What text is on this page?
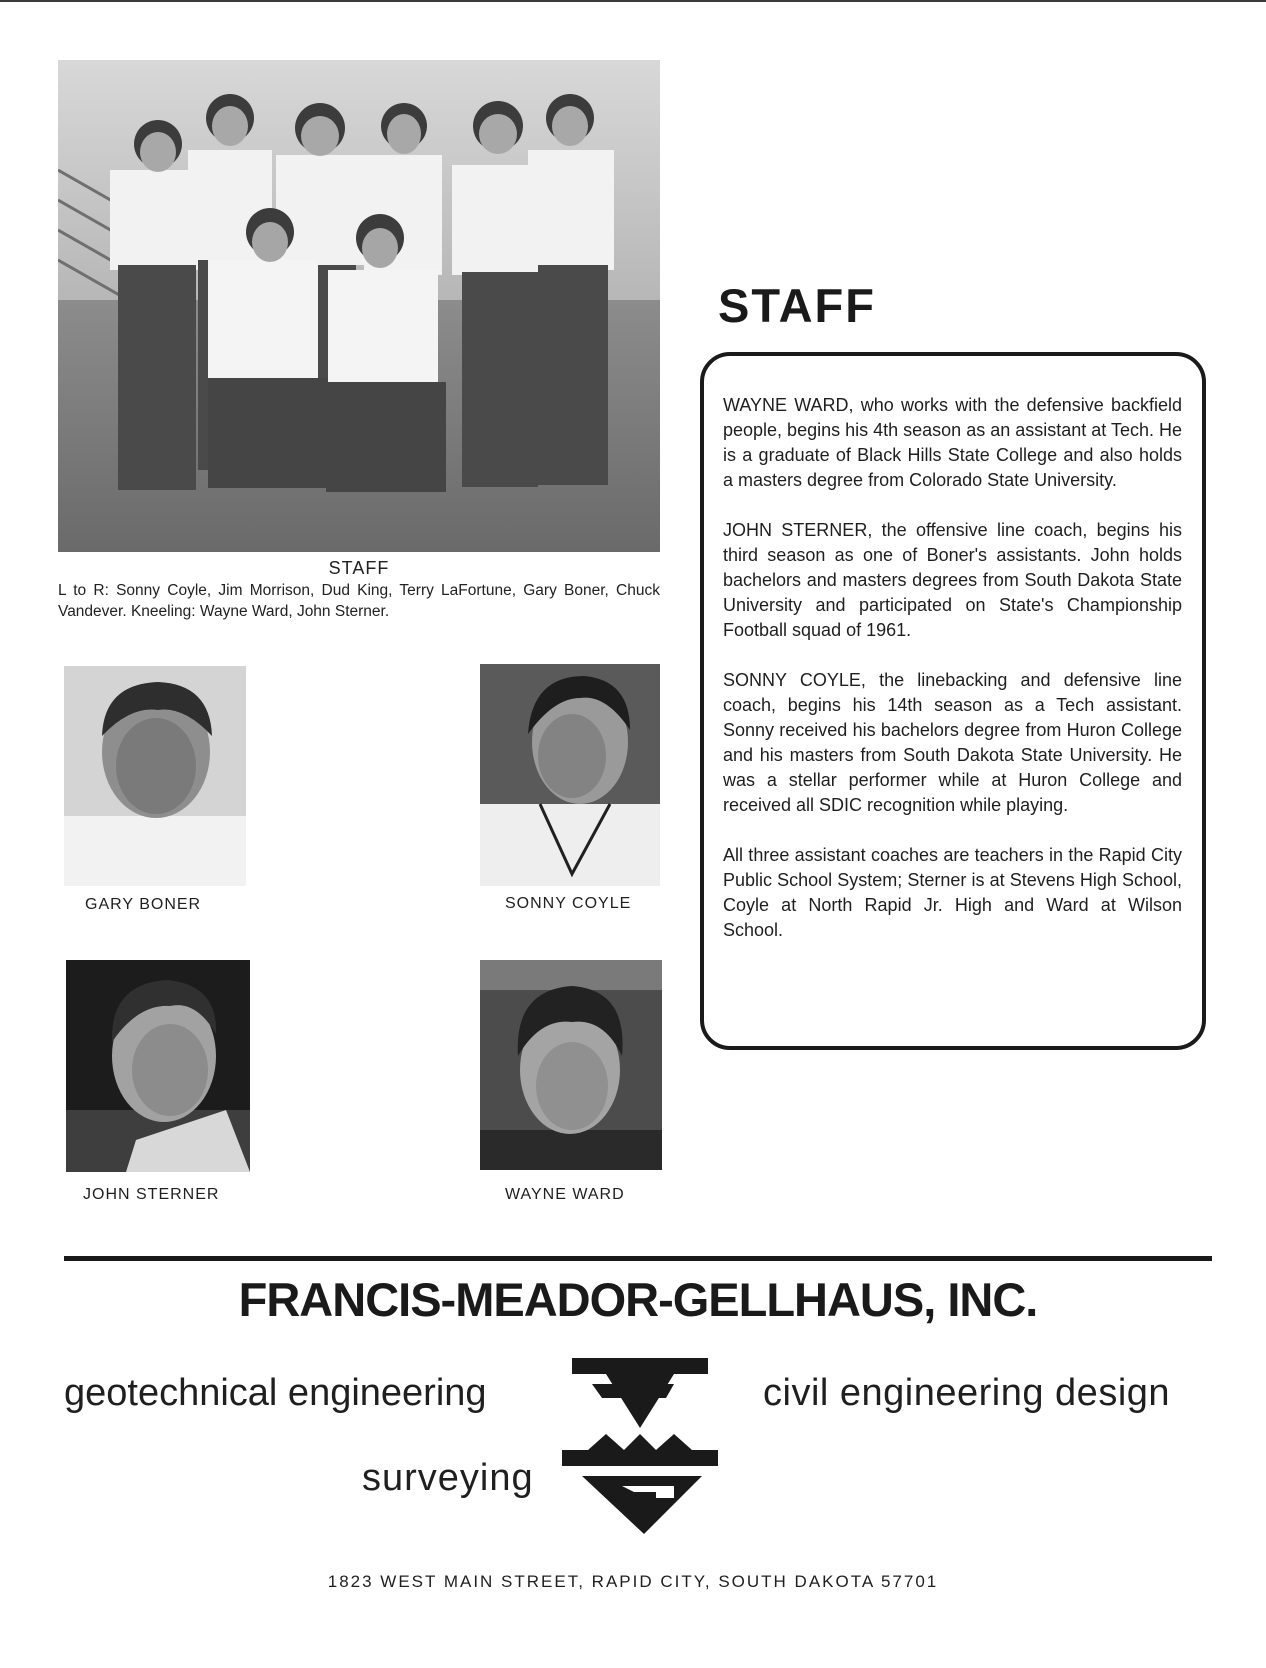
STAFF
L to R: Sonny Coyle, Jim Morrison, Dud King, Terry LaFortune, Gary Boner, Chuck Vandever. Kneeling: Wayne Ward, John Sterner.
GARY BONER	SONNY COYLE
JOHN STERNER	WAYNE WARD
STAFF

WAYNE WARD, who works with the defensive backfield people, begins his 4th season as an assistant at Tech. He is a graduate of Black Hills State College and also holds a masters degree from Colorado State University.

JOHN STERNER, the offensive line coach, begins his third season as one of Boner's assistants. John holds bachelors and masters degrees from South Dakota State University and participated on State's Championship Football squad of 1961.

SONNY COYLE, the linebacking and defensive line coach, begins his 14th season as a Tech assistant. Sonny received his bachelors degree from Huron College and his masters from South Dakota State University. He was a stellar performer while at Huron College and received all SDIC recognition while playing.

All three assistant coaches are teachers in the Rapid City Public School System; Sterner is at Stevens High School, Coyle at North Rapid Jr. High and Ward at Wilson School.

FRANCIS-MEADOR-GELLHAUS, INC.
geotechnical engineering	civil engineering design
surveying
1823 WEST MAIN STREET, RAPID CITY, SOUTH DAKOTA 57701
